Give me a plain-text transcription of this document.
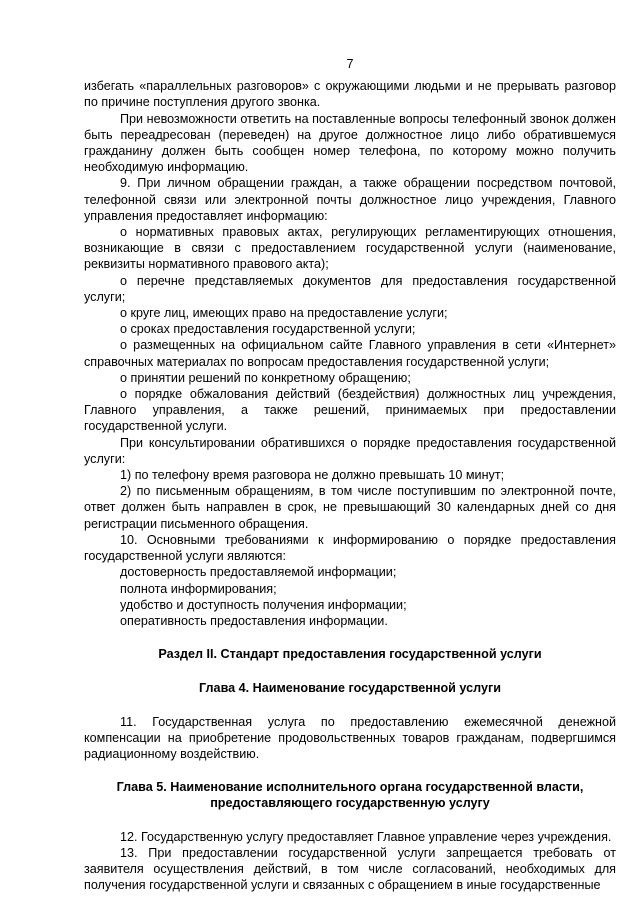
7

избегать «параллельных разговоров» с окружающими людьми и не прерывать разговор по причине поступления другого звонка.

При невозможности ответить на поставленные вопросы телефонный звонок должен быть переадресован (переведен) на другое должностное лицо либо обратившемуся гражданину должен быть сообщен номер телефона, по которому можно получить необходимую информацию.

9. При личном обращении граждан, а также обращении посредством почтовой, телефонной связи или электронной почты должностное лицо учреждения, Главного управления предоставляет информацию:

о нормативных правовых актах, регулирующих регламентирующих отношения, возникающие в связи с предоставлением государственной услуги (наименование, реквизиты нормативного правового акта);

о перечне представляемых документов для предоставления государственной услуги;

о круге лиц, имеющих право на предоставление услуги;

о сроках предоставления государственной услуги;

о размещенных на официальном сайте Главного управления в сети «Интернет» справочных материалах по вопросам предоставления государственной услуги;

о принятии решений по конкретному обращению;

о порядке обжалования действий (бездействия) должностных лиц учреждения, Главного управления, а также решений, принимаемых при предоставлении государственной услуги.

При консультировании обратившихся о порядке предоставления государственной услуги:

1) по телефону время разговора не должно превышать 10 минут;

2) по письменным обращениям, в том числе поступившим по электронной почте, ответ должен быть направлен в срок, не превышающий 30 календарных дней со дня регистрации письменного обращения.

10. Основными требованиями к информированию о порядке предоставления государственной услуги являются:

достоверность предоставляемой информации;

полнота информирования;

удобство и доступность получения информации;

оперативность предоставления информации.

Раздел II. Стандарт предоставления государственной услуги
Глава 4. Наименование государственной услуги

11. Государственная услуга по предоставлению ежемесячной денежной компенсации на приобретение продовольственных товаров гражданам, подвергшимся радиационному воздействию.

Глава 5. Наименование исполнительного органа государственной власти,
предоставляющего государственную услугу

12. Государственную услугу предоставляет Главное управление через учреждения.

13. При предоставлении государственной услуги запрещается требовать от заявителя осуществления действий, в том числе согласований, необходимых для получения государственной услуги и связанных с обращением в иные государственные
